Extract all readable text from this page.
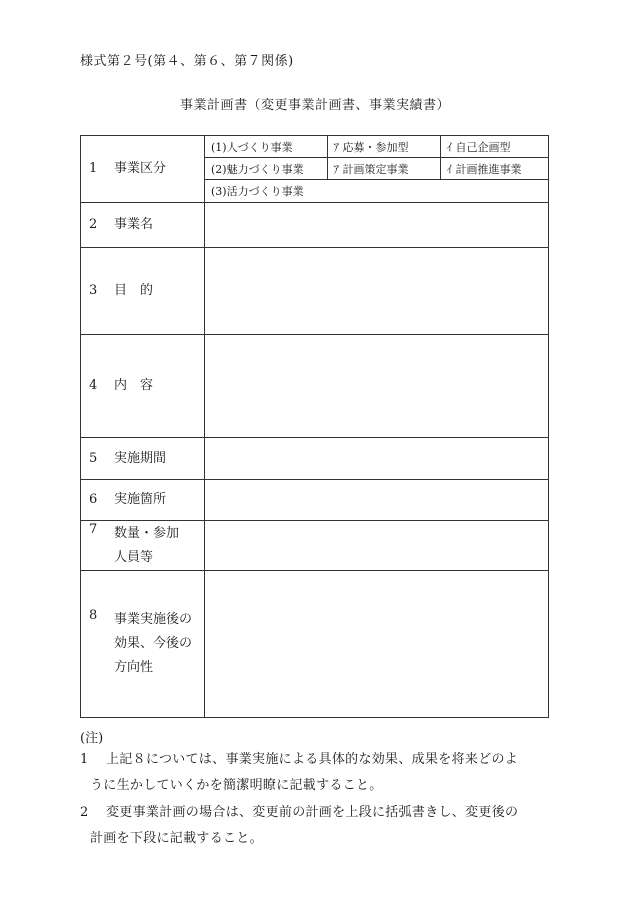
様式第２号(第４、第６、第７関係)
事業計画書（変更事業計画書、事業実績書）
1	事業区分

(1)人づくり事業	ｱ 応募・参加型	ｲ 自己企画型
(2)魅力づくり事業	ｱ 計画策定事業	ｲ 計画推進事業
(3)活力づくり事業		

2	事業名

3	目　的

4	内　容

5	実施期間

6	実施箇所

7	数量・参加
人員等

8	事業実施後の
効果、今後の
方向性

(注)
1 上記８については、事業実施による具体的な効果、成果を将来どのよ
うに生かしていくかを簡潔明瞭に記載すること。
2 変更事業計画の場合は、変更前の計画を上段に括弧書きし、変更後の
計画を下段に記載すること。
